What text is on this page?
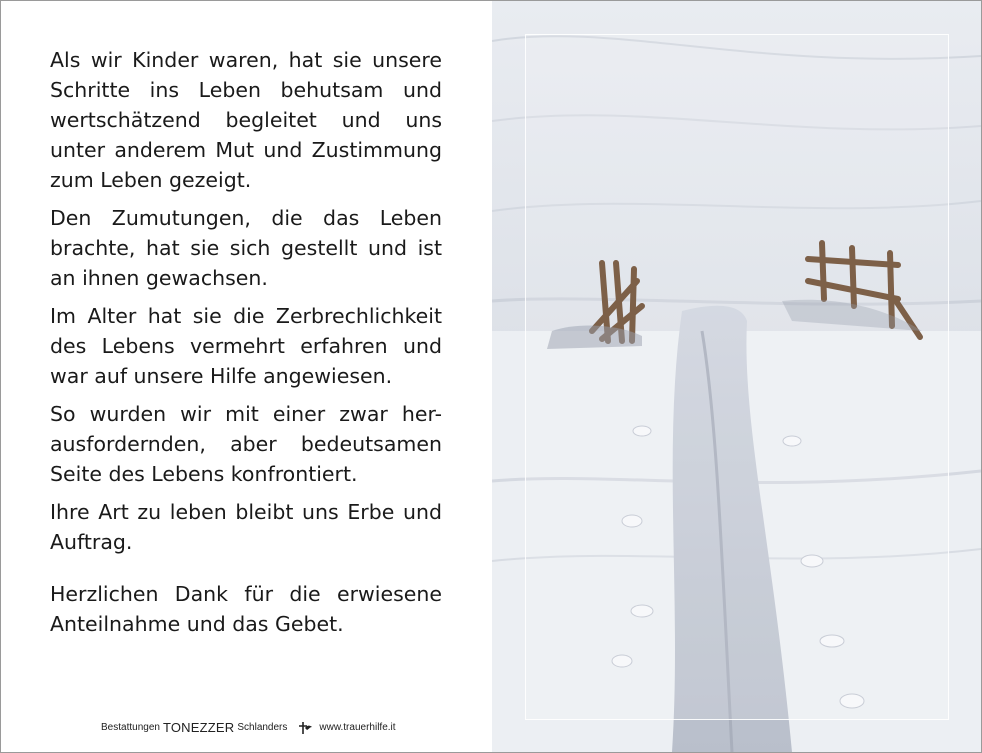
Als wir Kinder waren, hat sie unsere Schritte ins Leben behutsam und wertschätzend begleitet und uns unter anderem Mut und Zustimmung zum Leben gezeigt.

Den Zumutungen, die das Leben brachte, hat sie sich gestellt und ist an ihnen gewachsen.

Im Alter hat sie die Zerbrechlichkeit des Lebens vermehrt erfahren und war auf unsere Hilfe angewiesen.

So wurden wir mit einer zwar her-ausfordernden, aber bedeutsamen Seite des Lebens konfrontiert.

Ihre Art zu leben bleibt uns Erbe und Auftrag.

Herzlichen Dank für die erwiesene Anteilnahme und das Gebet.

Bestattungen TONEZZER Schlanders	www.trauerhilfe.it
